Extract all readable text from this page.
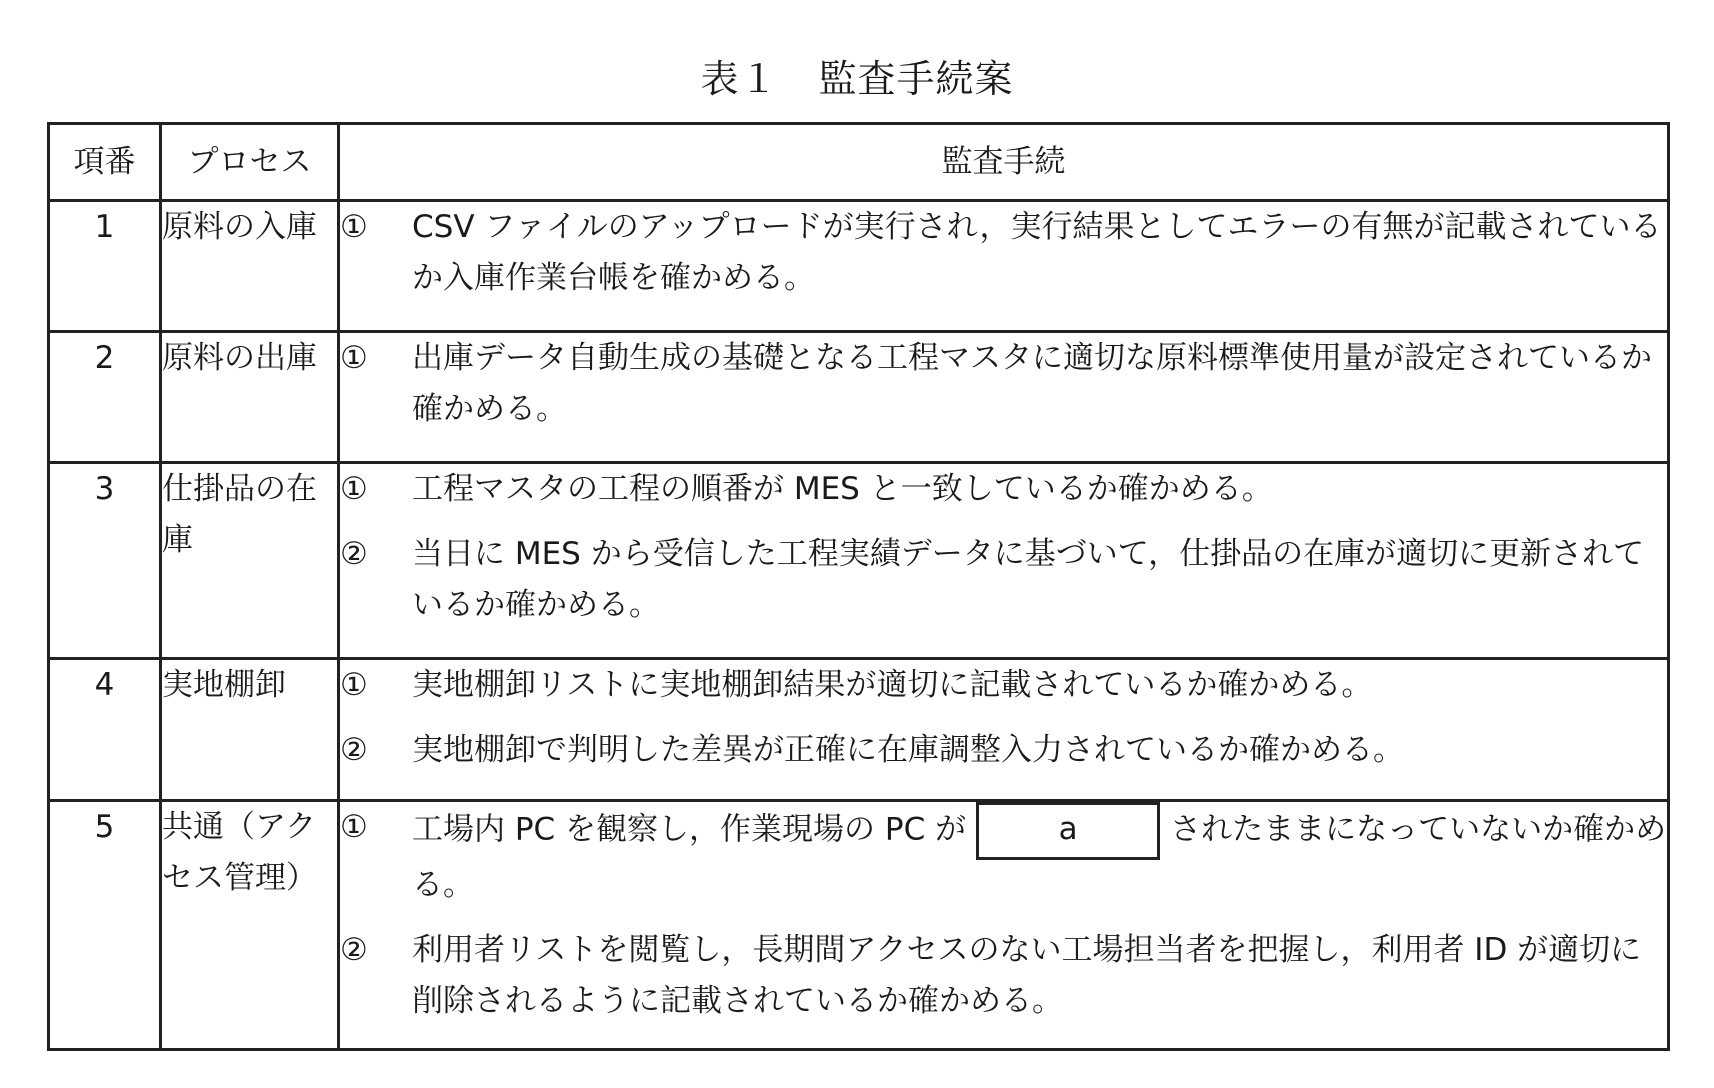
表１ 監査手続案
項番	プロセス	監査手続
1	原料の入庫	① CSV ファイルのアップロードが実行され，実行結果としてエラーの有無が記載されているか入庫作業台帳を確かめる。

2	原料の出庫	① 出庫データ自動生成の基礎となる工程マスタに適切な原料標準使用量が設定されているか確かめる。

3	仕掛品の在庫	① 工程マスタの工程の順番が MES と一致しているか確かめる。
② 当日に MES から受信した工程実績データに基づいて，仕掛品の在庫が適切に更新されているか確かめる。

4	実地棚卸	① 実地棚卸リストに実地棚卸結果が適切に記載されているか確かめる。
② 実地棚卸で判明した差異が正確に在庫調整入力されているか確かめる。

5	共通（アクセス管理）	① 工場内 PC を観察し，作業現場の PC が a されたままになっていないか確かめる。
② 利用者リストを閲覧し，長期間アクセスのない工場担当者を把握し，利用者 ID が適切に削除されるように記載されているか確かめる。
